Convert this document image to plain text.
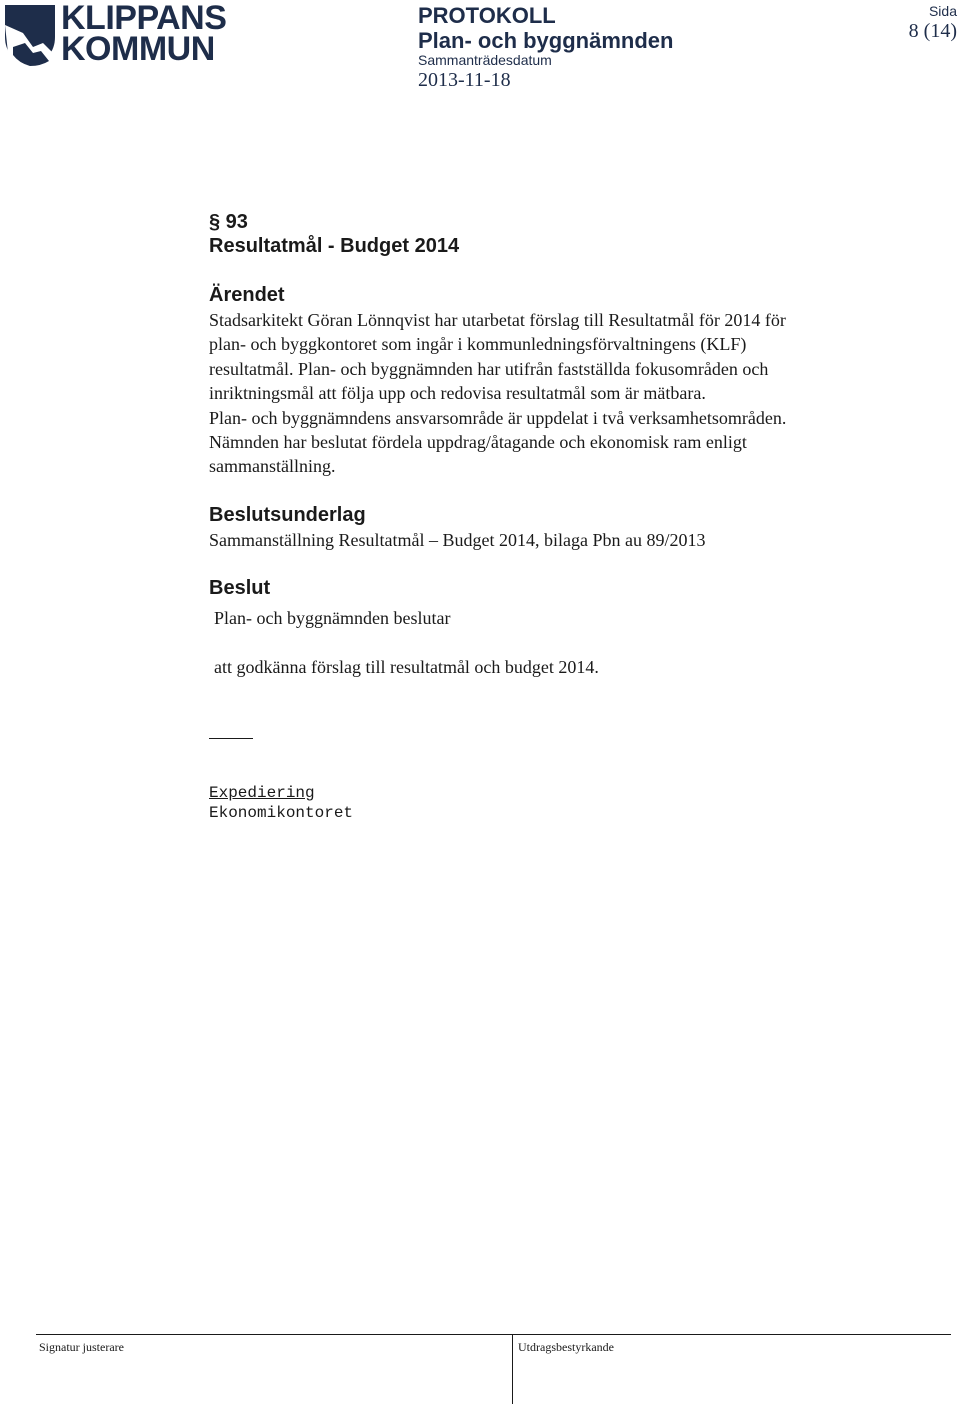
KLIPPANS
KOMMUN
PROTOKOLL
Plan- och byggnämnden
Sammanträdesdatum
2013-11-18
Sida
8 (14)
§ 93
Resultatmål - Budget 2014
Ärendet
Stadsarkitekt Göran Lönnqvist har utarbetat förslag till Resultatmål för 2014 för
plan- och byggkontoret som ingår i kommunledningsförvaltningens (KLF)
resultatmål. Plan- och byggnämnden har utifrån fastställda fokusområden och
inriktningsmål att följa upp och redovisa resultatmål som är mätbara.
Plan- och byggnämndens ansvarsområde är uppdelat i två verksamhetsområden.
Nämnden har beslutat fördela uppdrag/åtagande och ekonomisk ram enligt
sammanställning.
Beslutsunderlag
Sammanställning Resultatmål – Budget 2014, bilaga Pbn au 89/2013
Beslut
Plan- och byggnämnden beslutar
att godkänna förslag till resultatmål och budget 2014.
Expediering
Ekonomikontoret
Signatur justerare	Utdragsbestyrkande
